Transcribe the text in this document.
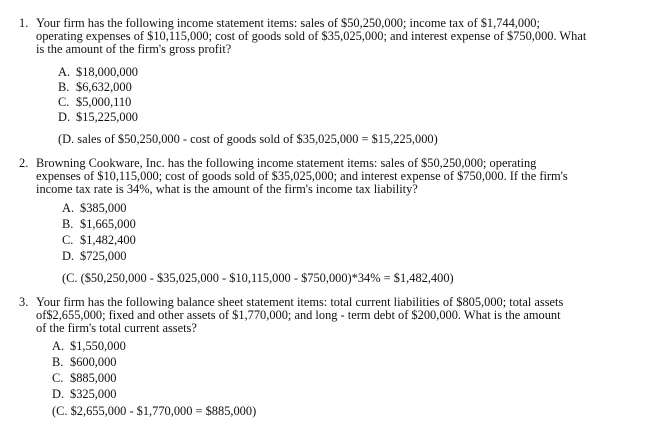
1. Your firm has the following income statement items: sales of $50,250,000; income tax of $1,744,000;
operating expenses of $10,115,000; cost of goods sold of $35,025,000; and interest expense of $750,000. What
is the amount of the firm's gross profit?
A. $18,000,000
B. $6,632,000
C. $5,000,110
D. $15,225,000
(D. sales of $50,250,000 - cost of goods sold of $35,025,000 = $15,225,000)
2. Browning Cookware, Inc. has the following income statement items: sales of $50,250,000; operating
expenses of $10,115,000; cost of goods sold of $35,025,000; and interest expense of $750,000. If the firm's
income tax rate is 34%, what is the amount of the firm's income tax liability?
A. $385,000
B. $1,665,000
C. $1,482,400
D. $725,000
(C. ($50,250,000 - $35,025,000 - $10,115,000 - $750,000)*34% = $1,482,400)
3. Your firm has the following balance sheet statement items: total current liabilities of $805,000; total assets
of$2,655,000; fixed and other assets of $1,770,000; and long - term debt of $200,000. What is the amount
of the firm's total current assets?
A. $1,550,000
B. $600,000
C. $885,000
D. $325,000
(C. $2,655,000 - $1,770,000 = $885,000)
